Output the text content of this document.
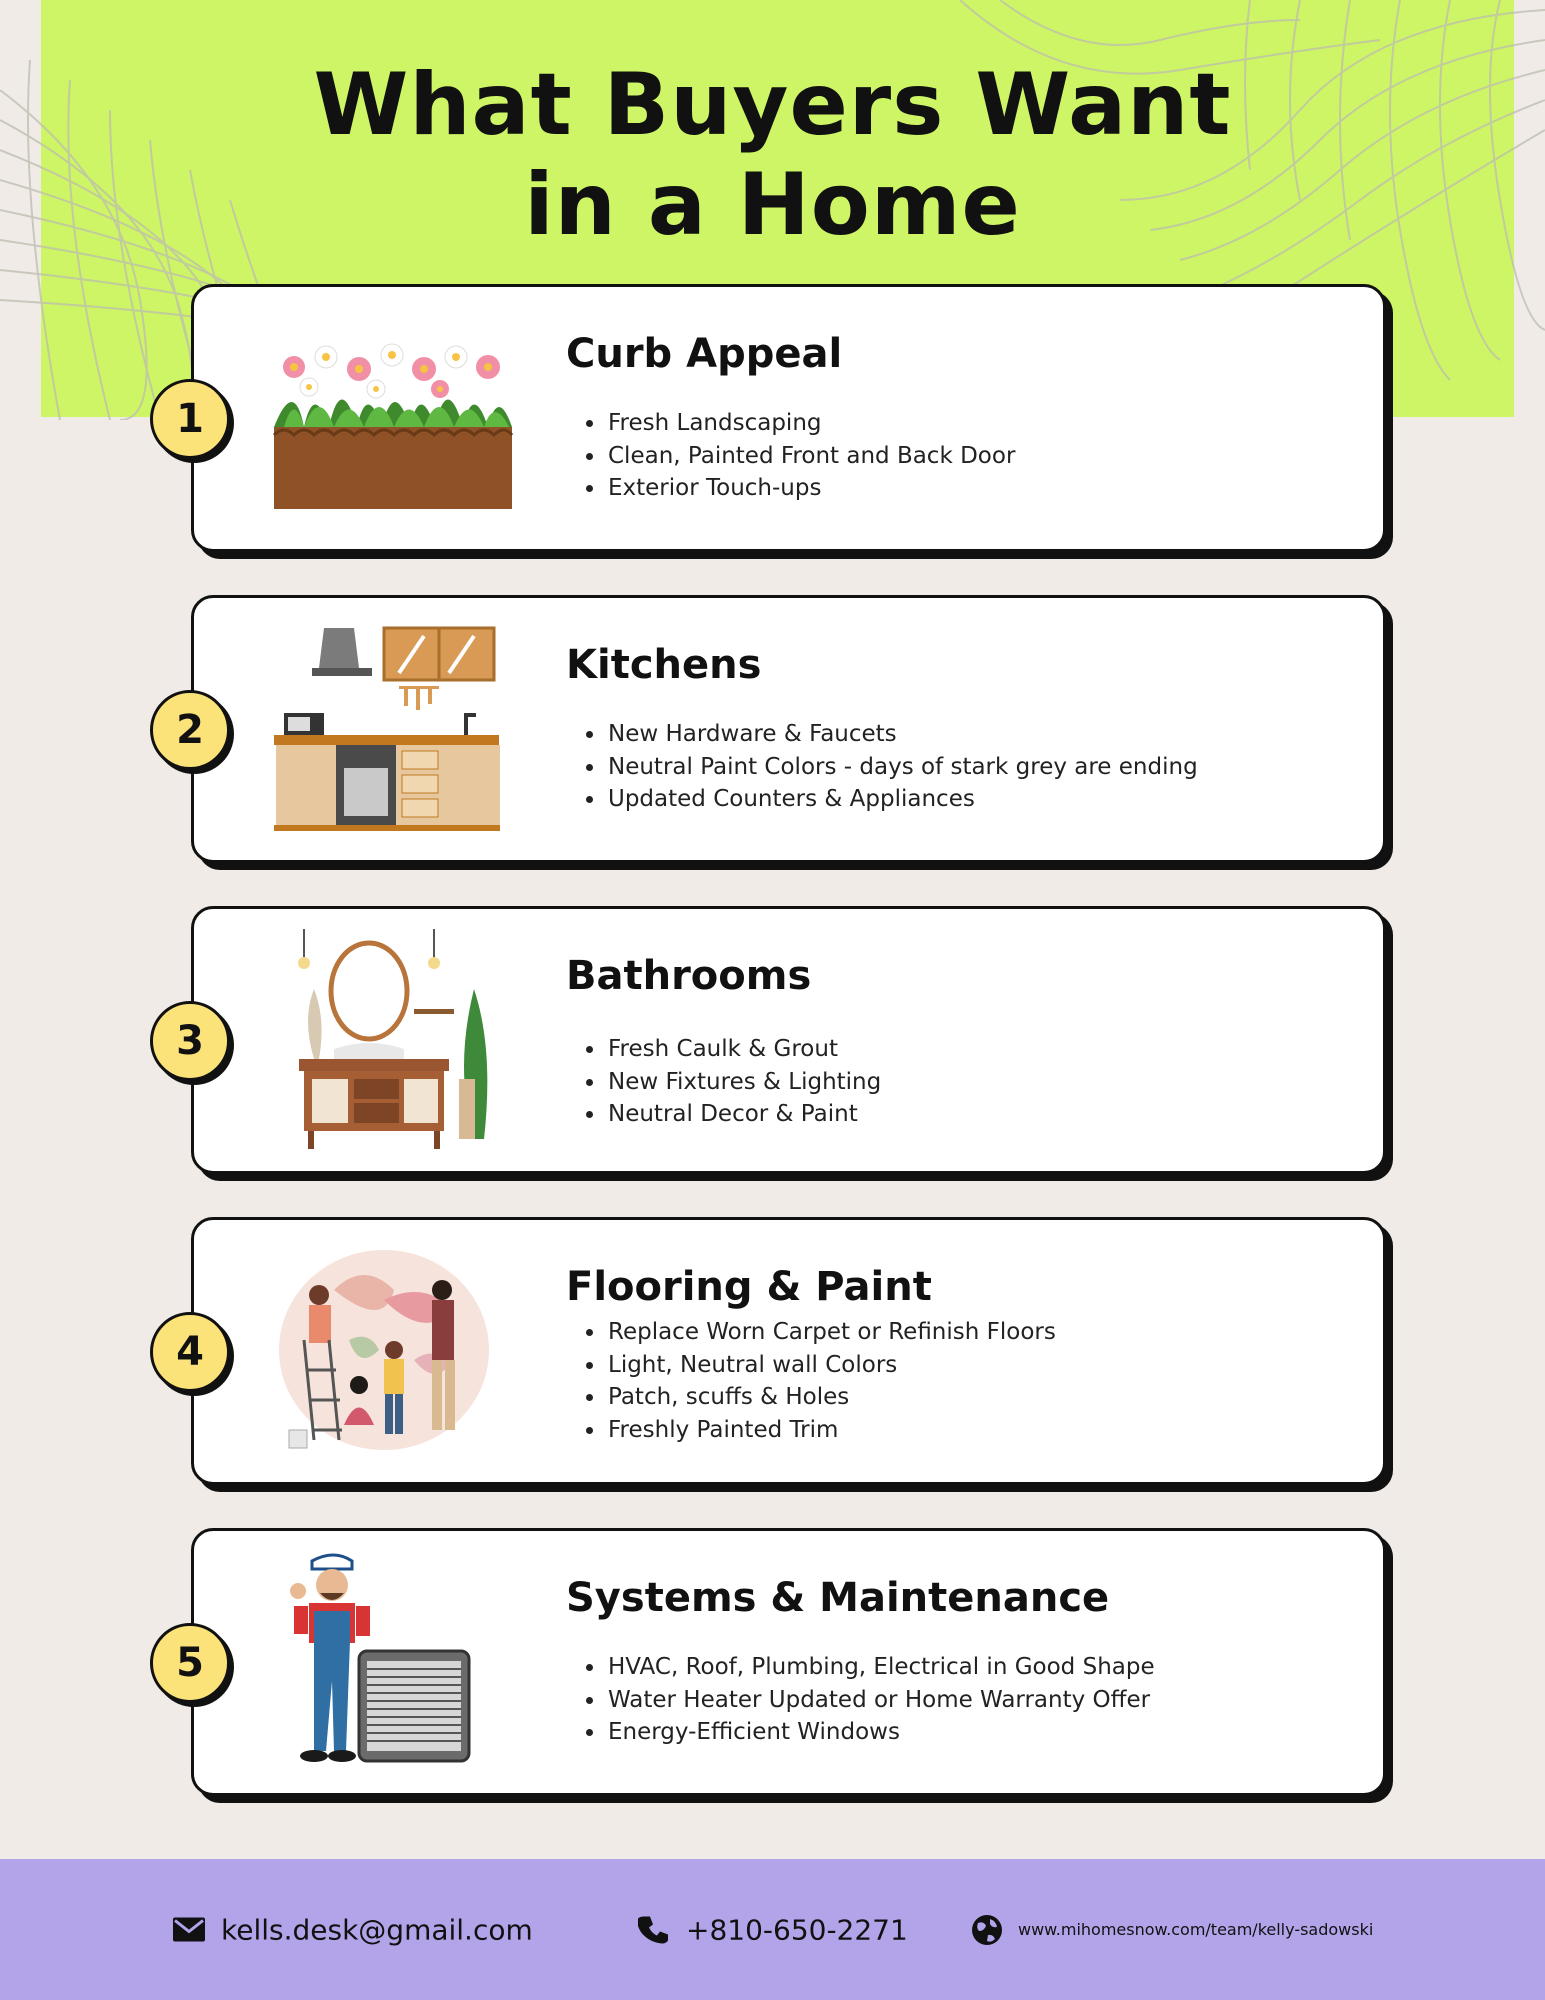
What Buyers Want
in a Home
1
Curb Appeal
• Fresh Landscaping
• Clean, Painted Front and Back Door
• Exterior Touch-ups
2
Kitchens
• New Hardware & Faucets
• Neutral Paint Colors - days of stark grey are ending
• Updated Counters & Appliances
3
Bathrooms
• Fresh Caulk & Grout
• New Fixtures & Lighting
• Neutral Decor & Paint
4
Flooring & Paint
• Replace Worn Carpet or Refinish Floors
• Light, Neutral wall Colors
• Patch, scuffs & Holes
• Freshly Painted Trim
5
Systems & Maintenance
• HVAC, Roof, Plumbing, Electrical in Good Shape
• Water Heater Updated or Home Warranty Offer
• Energy-Efficient Windows
kells.desk@gmail.com	+810-650-2271	www.mihomesnow.com/team/kelly-sadowski
